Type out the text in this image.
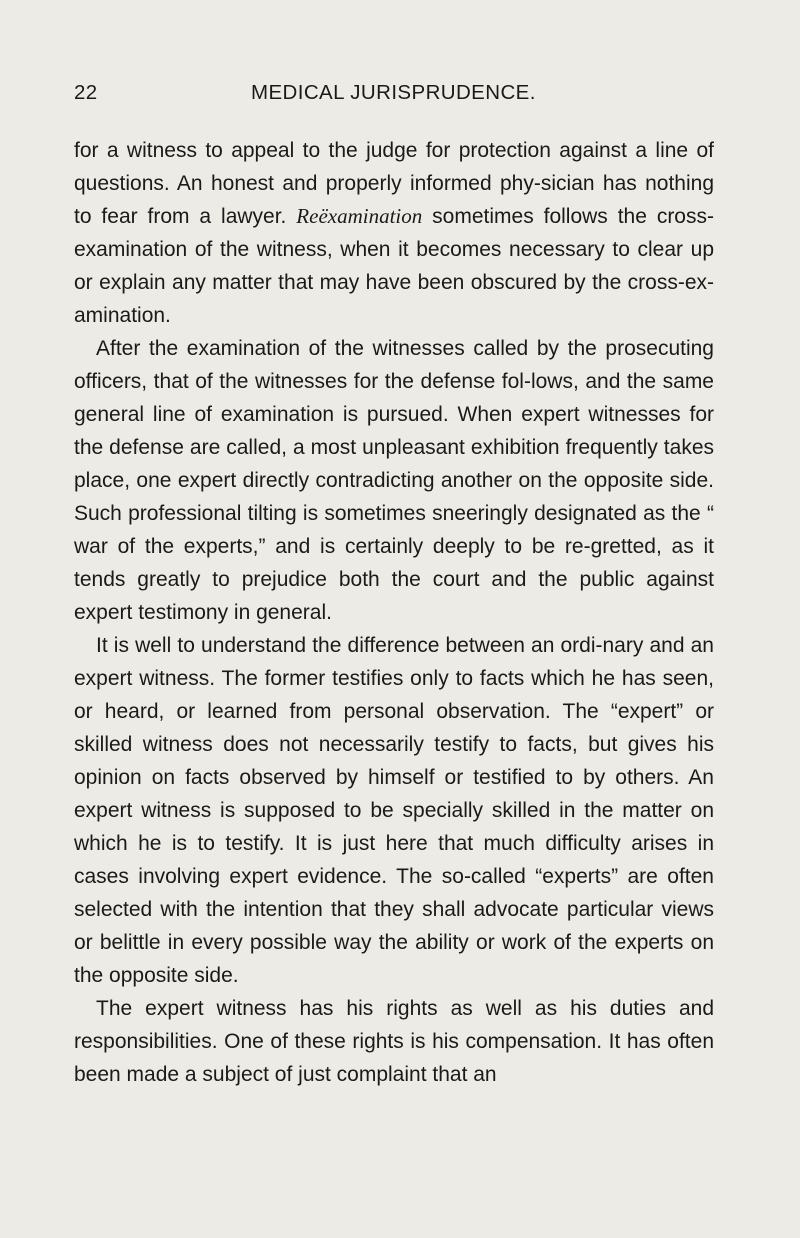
22	MEDICAL JURISPRUDENCE.

for a witness to appeal to the judge for protection against a line of questions. An honest and properly informed phy-sician has nothing to fear from a lawyer. Reëxamination sometimes follows the cross-examination of the witness, when it becomes necessary to clear up or explain any matter that may have been obscured by the cross-ex-amination.

After the examination of the witnesses called by the prosecuting officers, that of the witnesses for the defense fol-lows, and the same general line of examination is pursued. When expert witnesses for the defense are called, a most unpleasant exhibition frequently takes place, one expert directly contradicting another on the opposite side. Such professional tilting is sometimes sneeringly designated as the “ war of the experts,” and is certainly deeply to be re-gretted, as it tends greatly to prejudice both the court and the public against expert testimony in general.

It is well to understand the difference between an ordi-nary and an expert witness. The former testifies only to facts which he has seen, or heard, or learned from personal observation. The “expert” or skilled witness does not necessarily testify to facts, but gives his opinion on facts observed by himself or testified to by others. An expert witness is supposed to be specially skilled in the matter on which he is to testify. It is just here that much difficulty arises in cases involving expert evidence. The so-called “experts” are often selected with the intention that they shall advocate particular views or belittle in every possible way the ability or work of the experts on the opposite side.

The expert witness has his rights as well as his duties and responsibilities. One of these rights is his compensation. It has often been made a subject of just complaint that an
